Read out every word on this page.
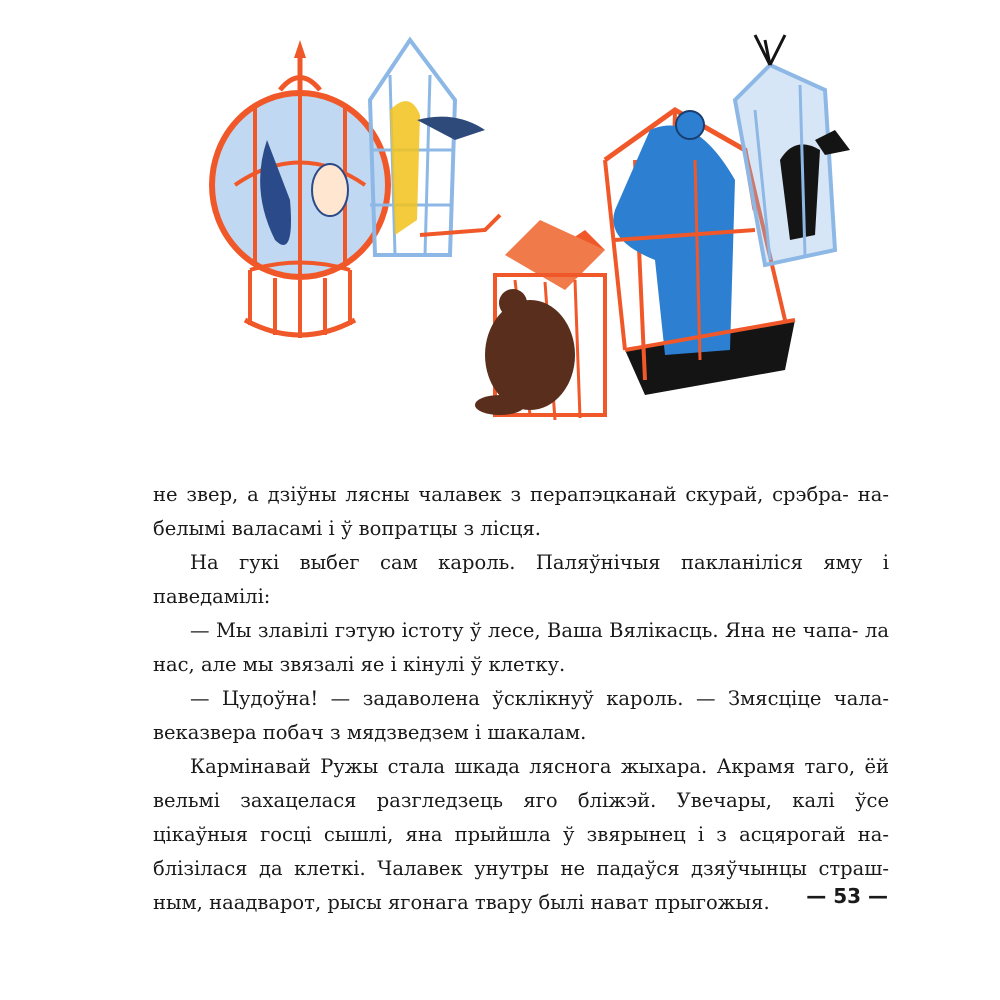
не звер, а дзіўны лясны чалавек з перапэцканай скурай, срэбра- на-белымі валасамі і ў вопратцы з лісця.

На гукі выбег сам кароль. Паляўнічыя пакланіліся яму і паведамілі:

— Мы злавілі гэтую істоту ў лесе, Ваша Вялікасць. Яна не чапа- ла нас, але мы звязалі яе і кінулі ў клетку.

— Цудоўна! — задаволена ўсклікнуў кароль. — Змясціце чала- веказвера побач з мядзведзем і шакалам.

Кармінавай Ружы стала шкада ляснога жыхара. Акрамя таго, ёй вельмі захацелася разгледзець яго бліжэй. Увечары, калі ўсе цікаўныя госці сышлі, яна прыйшла ў звярынец і з асцярогай на- блізілася да клеткі. Чалавек унутры не падаўся дзяўчынцы страш- ным, наадварот, рысы ягонага твару былі нават прыгожыя.	— 53 —
